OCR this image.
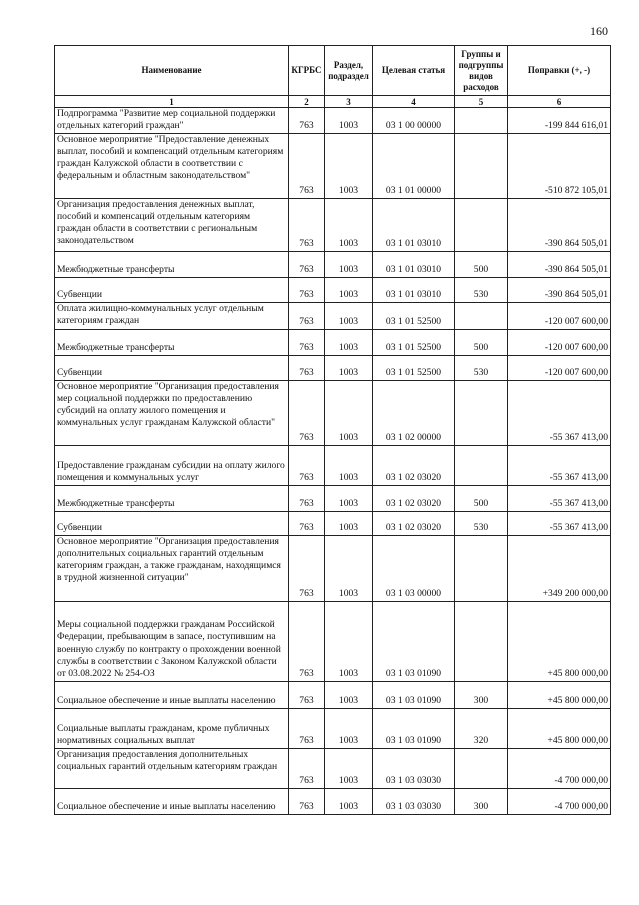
160
Наименование	КГРБС	Раздел, подраздел	Целевая статья	Группы и подгруппы видов расходов	Поправки (+, -)
1	2	3	4	5	6
Подпрограмма "Развитие мер социальной поддержки отдельных категорий граждан"	763	1003	03 1 00 00000		-199 844 616,01
Основное мероприятие "Предоставление денежных выплат, пособий и компенсаций отдельным категориям граждан Калужской области в соответствии с федеральным и областным законодательством"	763	1003	03 1 01 00000		-510 872 105,01
Организация предоставления денежных выплат, пособий и компенсаций отдельным категориям граждан области в соответствии с региональным законодательством	763	1003	03 1 01 03010		-390 864 505,01
Межбюджетные трансферты	763	1003	03 1 01 03010	500	-390 864 505,01
Субвенции	763	1003	03 1 01 03010	530	-390 864 505,01
Оплата жилищно-коммунальных услуг отдельным категориям граждан	763	1003	03 1 01 52500		-120 007 600,00
Межбюджетные трансферты	763	1003	03 1 01 52500	500	-120 007 600,00
Субвенции	763	1003	03 1 01 52500	530	-120 007 600,00
Основное мероприятие "Организация предоставления мер социальной поддержки по предоставлению субсидий на оплату жилого помещения и коммунальных услуг гражданам Калужской области"	763	1003	03 1 02 00000		-55 367 413,00
Предоставление гражданам субсидии на оплату жилого помещения и коммунальных услуг	763	1003	03 1 02 03020		-55 367 413,00
Межбюджетные трансферты	763	1003	03 1 02 03020	500	-55 367 413,00
Субвенции	763	1003	03 1 02 03020	530	-55 367 413,00
Основное мероприятие "Организация предоставления дополнительных социальных гарантий отдельным категориям граждан, а также гражданам, находящимся в трудной жизненной ситуации"	763	1003	03 1 03 00000		+349 200 000,00
Меры социальной поддержки гражданам Российской Федерации, пребывающим в запасе, поступившим на военную службу по контракту о прохождении военной службы в соответствии с Законом Калужской области от 03.08.2022 № 254-ОЗ	763	1003	03 1 03 01090		+45 800 000,00
Социальное обеспечение и иные выплаты населению	763	1003	03 1 03 01090	300	+45 800 000,00
Социальные выплаты гражданам, кроме публичных нормативных социальных выплат	763	1003	03 1 03 01090	320	+45 800 000,00
Организация предоставления дополнительных социальных гарантий отдельным категориям граждан	763	1003	03 1 03 03030		-4 700 000,00
Социальное обеспечение и иные выплаты населению	763	1003	03 1 03 03030	300	-4 700 000,00
